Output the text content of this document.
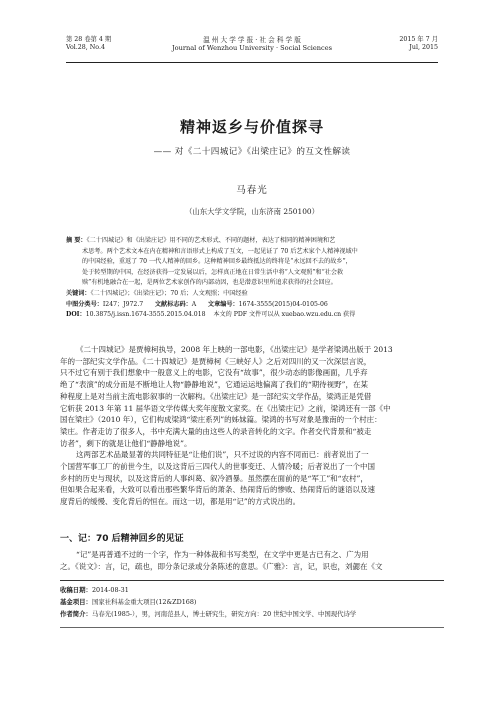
第 28 卷第 4 期
Vol.28, No.4
温 州 大 学 学 报 · 社 会 科 学 版
Journal of Wenzhou University · Social Sciences
2015 年 7 月
Jul, 2015
精神返乡与价值探寻
—— 对《二十四城记》《出梁庄记》的互文性解读
马春光
（山东大学文学院，山东济南 250100）
摘 要：《二十四城记》和《出梁庄记》用不同的艺术形式、不同的题材，表达了相同的精神困境和艺
术思考。两个艺术文本在内在精神和言语形式上构成了互文，一起见证了 70 后艺术家个人精神视域中
的中国经验，重返了 70 一代人精神的回乡。这种精神回乡最终抵达的终将是“永远回不去的故乡”，
处于转型期的中国，在经济获得一定发展以后，怎样真正地在日常生活中将“人文观照”和“社会救
赎”有机地融合在一起，是两位艺术家创作的内部动因，也是潜意识里所追求获得的社会回应。
关键词：《二十四城记》；《出梁庄记》；70 后；人文观照；中国经验
中图分类号：I247；J972.7 文献标志码：A 文章编号：1674-3555(2015)04-0105-06
DOI：10.3875/j.issn.1674-3555.2015.04.018 本文的 PDF 文件可以从 xuebao.wzu.edu.cn 获得
《二十四城记》是贾樟柯执导，2008 年上映的一部电影，《出梁庄记》是学者梁鸿出版于 2013
年的一部纪实文学作品。《二十四城记》是贾樟柯《三峡好人》之后对四川的又一次深层言说，
只不过它有别于我们想象中一般意义上的电影，它没有“故事”，很少动态的影像画面，几乎弃
绝了“表演”的成分而是不断地让人物“静静地说”，它通运运地偏离了我们的“期待视野”，在某
种程度上是对当前主流电影叙事的一次解构。《出梁庄记》是一部纪实文学作品，梁鸿正是凭借
它斩获 2013 年第 11 届华语文学传媒大奖年度散文家奖。在《出梁庄记》之前，梁鸿还有一部《中
国在梁庄》（2010 年），它们构成梁鸿“梁庄系列”的姊妹篇。梁鸿的书写对象是豫南的一个村庄：
梁庄。作者走访了很多人，书中充满大量的由这些人的录音转化的文字。作者交代背景和“被走
访者”，剩下的就是让他们“静静地说”。
这两部艺术品最显著的共同特征是“让他们说”，只不过说的内容不同而已：前者说出了一
个国营军事工厂的前世今生，以及这背后三四代人的世事变迁、人情冷暖；后者说出了一个中国
乡村的历史与现状，以及这背后的人事纠葛、叙冷酒暴。虽然摆在面前的是“军工”和“农村”，
但如果合起来看，大致可以看出那些繁华背后的萧条、热闹背后的惨败、热闹背后的谜语以及速
度背后的缓慢、变化背后的恒在。而这一切，都是用“记”的方式说出的。
一、记：70 后精神回乡的见证
“记”是再普通不过的一个字，作为一种体裁和书写类型，在文学中更是古已有之、广为用
之。《说文》：言，记，疏也，即分条记录或分条陈述的意思。《广雅》：言，记，识也，刘勰在《文
收稿日期：2014-08-31
基金项目：国家社科基金重大项目(12&ZD168)
作者简介：马春光(1985-），男，河南范县人，博士研究生，研究方向：20 世纪中国文学、中国现代诗学
